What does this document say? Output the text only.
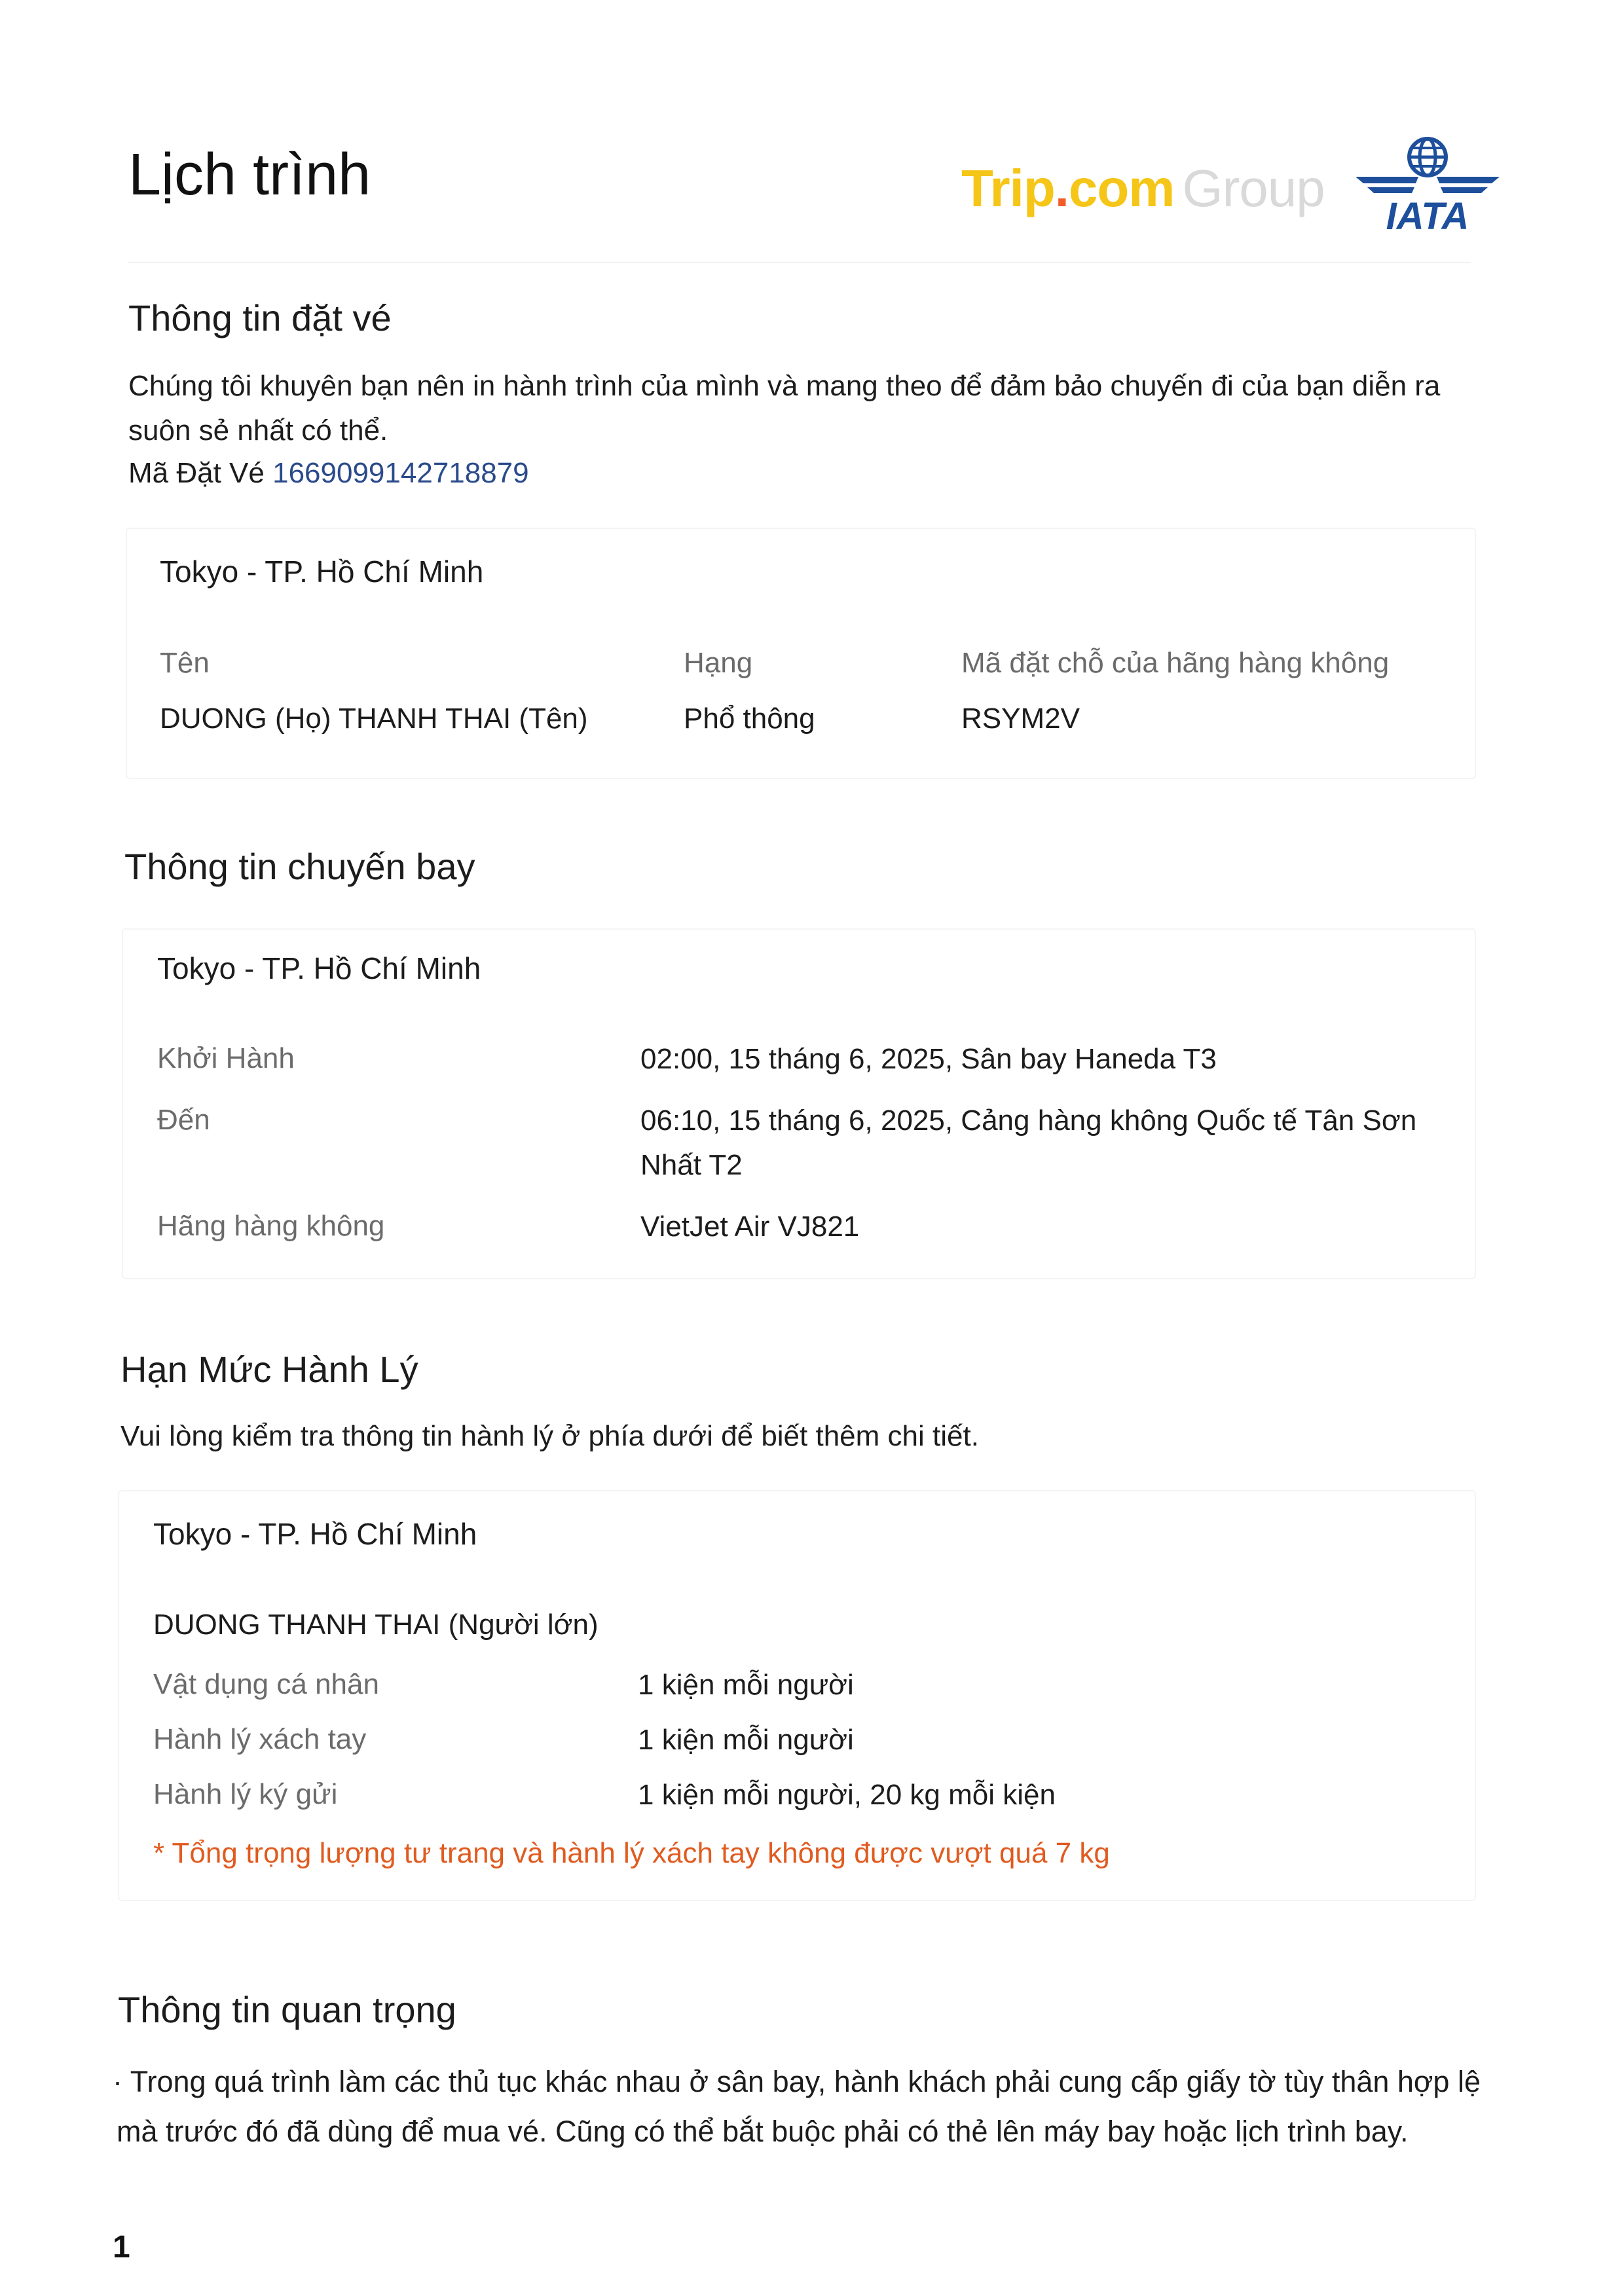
Lịch trình	Trip.com Group IATA
Thông tin đặt vé
Chúng tôi khuyên bạn nên in hành trình của mình và mang theo để đảm bảo chuyến đi của bạn diễn ra suôn sẻ nhất có thể.
Mã Đặt Vé 1669099142718879
Tokyo - TP. Hồ Chí Minh
Tên	Hạng	Mã đặt chỗ của hãng hàng không
DUONG (Họ) THANH THAI (Tên)	Phổ thông	RSYM2V
Thông tin chuyến bay
Tokyo - TP. Hồ Chí Minh
Khởi Hành	02:00, 15 tháng 6, 2025, Sân bay Haneda T3
Đến	06:10, 15 tháng 6, 2025, Cảng hàng không Quốc tế Tân Sơn
Nhất T2
Hãng hàng không	VietJet Air VJ821
Hạn Mức Hành Lý
Vui lòng kiểm tra thông tin hành lý ở phía dưới để biết thêm chi tiết.
Tokyo - TP. Hồ Chí Minh
DUONG THANH THAI (Người lớn)
Vật dụng cá nhân	1 kiện mỗi người
Hành lý xách tay	1 kiện mỗi người
Hành lý ký gửi	1 kiện mỗi người, 20 kg mỗi kiện
* Tổng trọng lượng tư trang và hành lý xách tay không được vượt quá 7 kg
Thông tin quan trọng
· Trong quá trình làm các thủ tục khác nhau ở sân bay, hành khách phải cung cấp giấy tờ tùy thân hợp lệ
mà trước đó đã dùng để mua vé. Cũng có thể bắt buộc phải có thẻ lên máy bay hoặc lịch trình bay.
1
